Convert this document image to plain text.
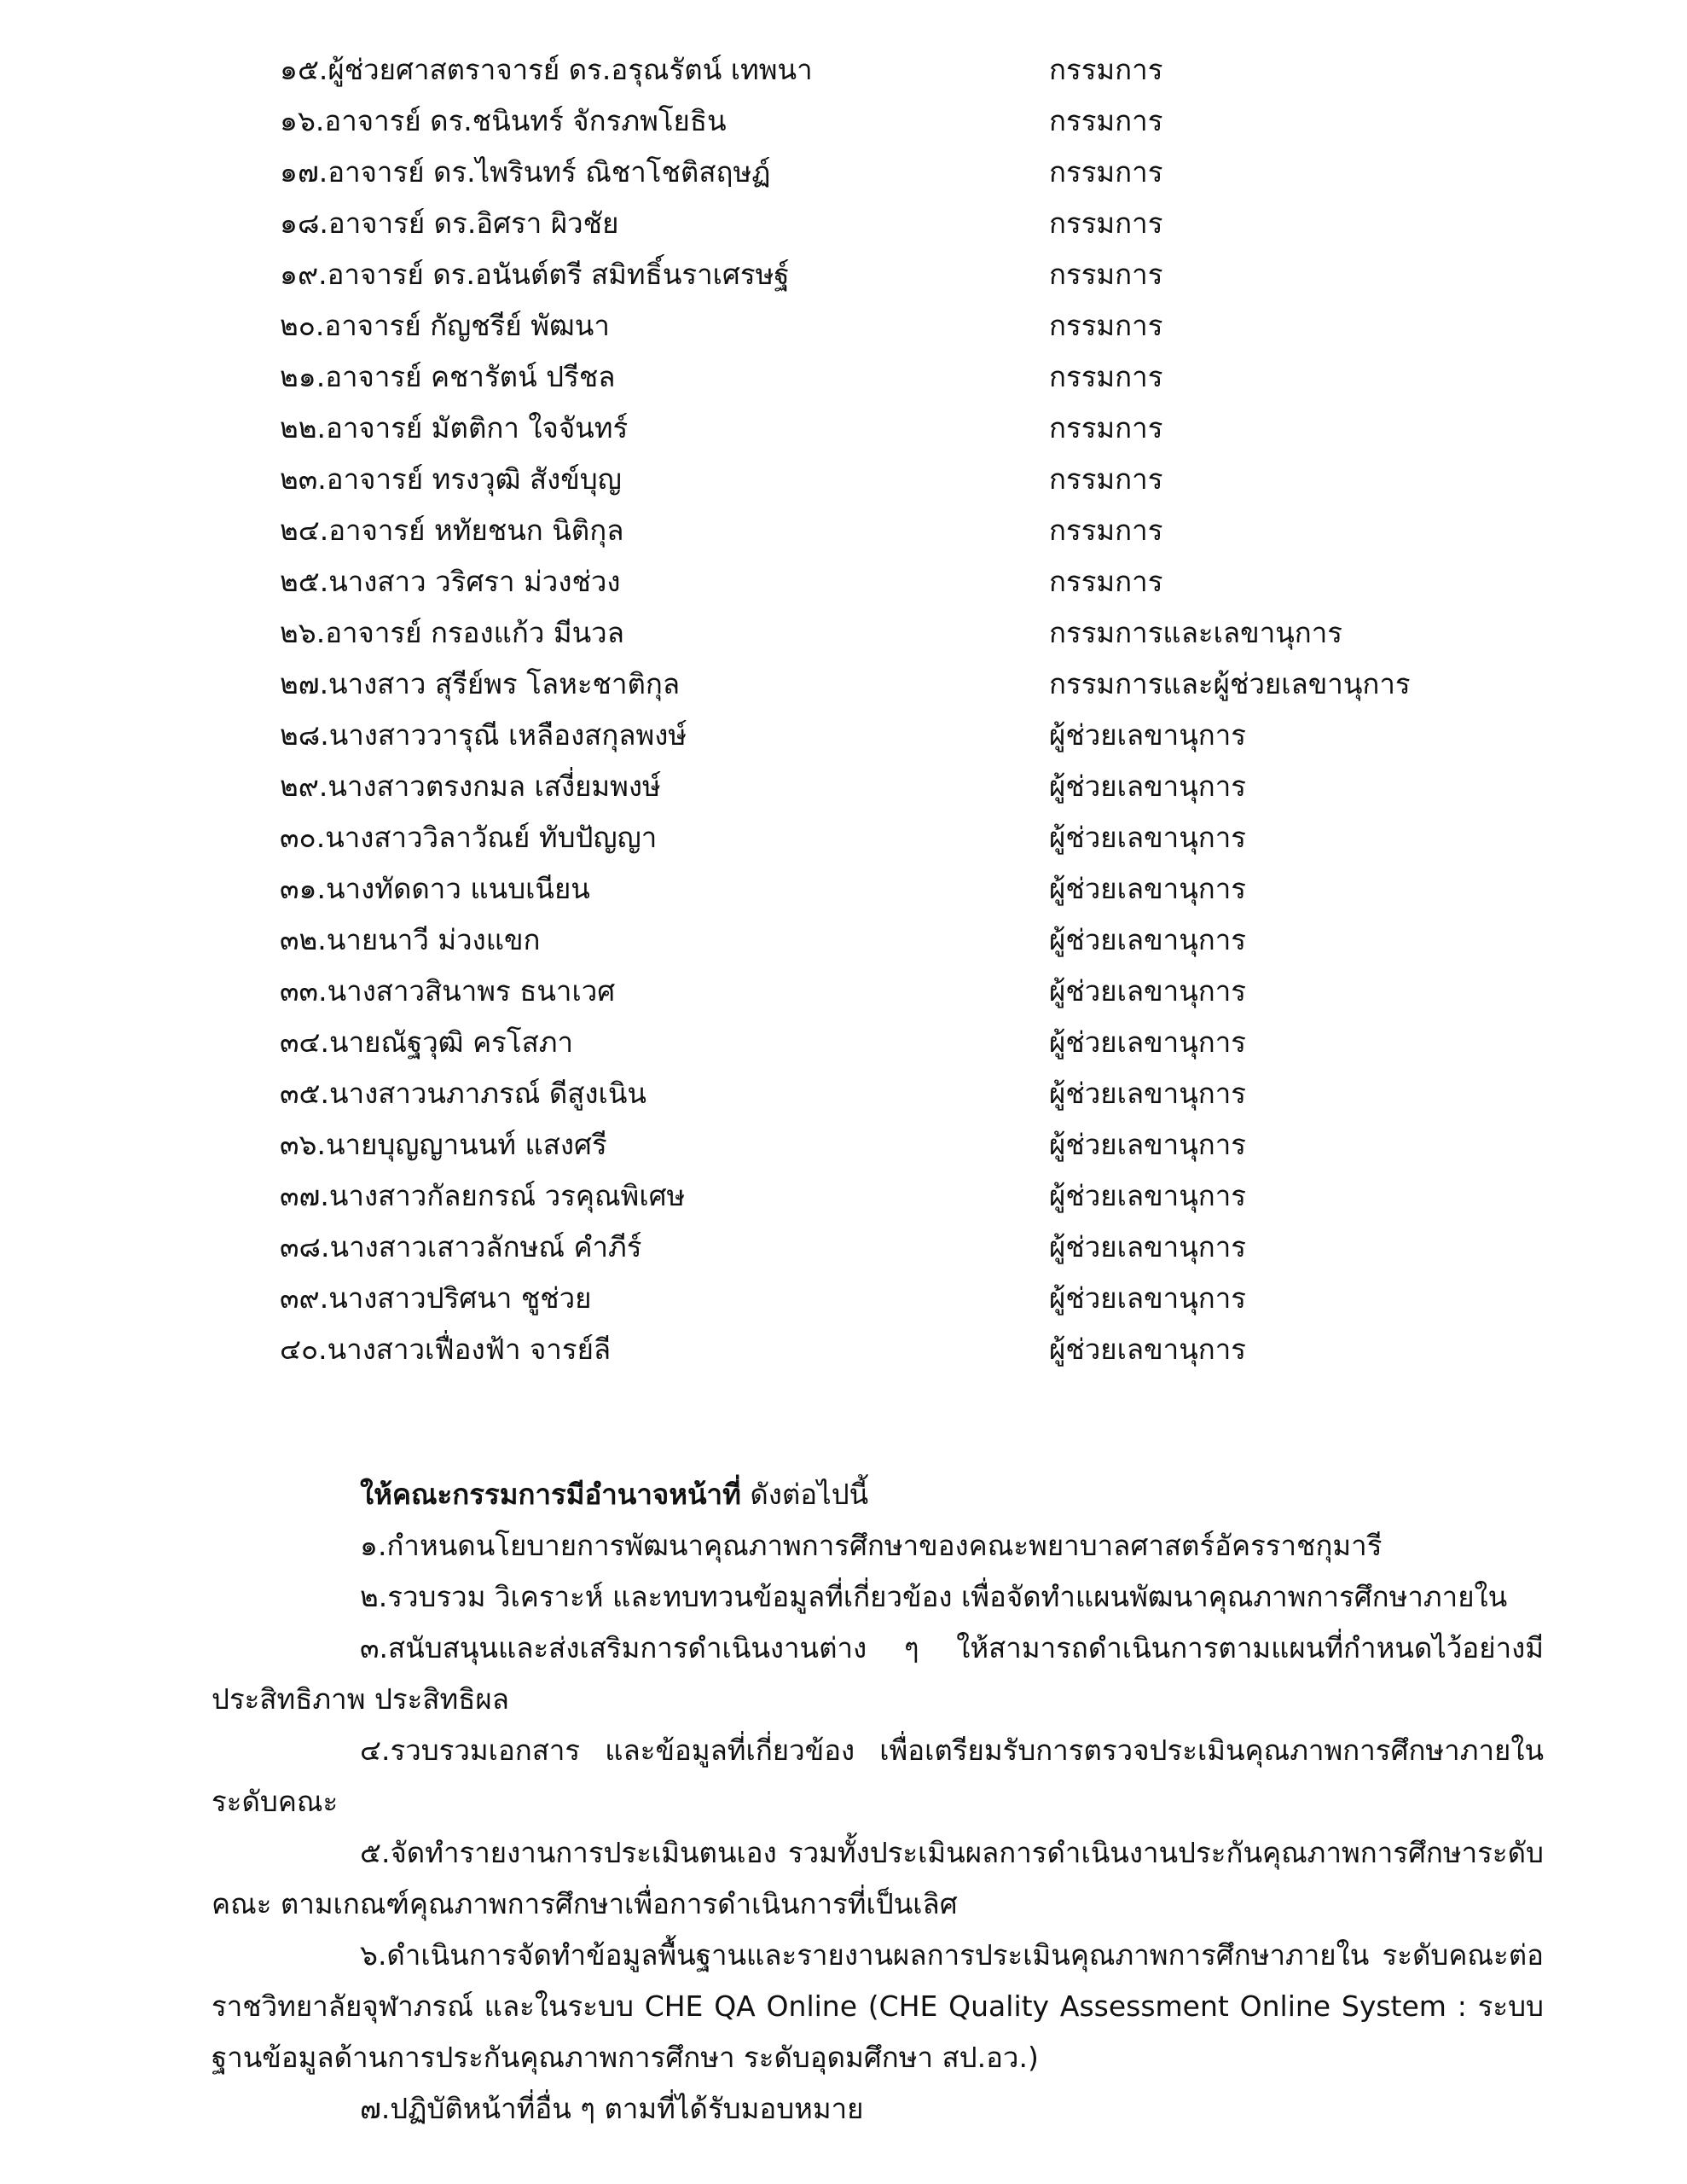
๑๕.ผู้ช่วยศาสตราจารย์ ดร.อรุณรัตน์ เทพนา	กรรมการ
๑๖.อาจารย์ ดร.ชนินทร์ จักรภพโยธิน	กรรมการ
๑๗.อาจารย์ ดร.ไพรินทร์ ณิชาโชติสฤษฏ์	กรรมการ
๑๘.อาจารย์ ดร.อิศรา ผิวชัย	กรรมการ
๑๙.อาจารย์ ดร.อนันต์ตรี สมิทธิ์นราเศรษฐ์	กรรมการ
๒๐.อาจารย์ กัญชรีย์ พัฒนา	กรรมการ
๒๑.อาจารย์ คชารัตน์ ปรีชล	กรรมการ
๒๒.อาจารย์ มัตติกา ใจจันทร์	กรรมการ
๒๓.อาจารย์ ทรงวุฒิ สังข์บุญ	กรรมการ
๒๔.อาจารย์ หทัยชนก นิติกุล	กรรมการ
๒๕.นางสาว วริศรา ม่วงช่วง	กรรมการ
๒๖.อาจารย์ กรองแก้ว มีนวล	กรรมการและเลขานุการ
๒๗.นางสาว สุรีย์พร โลหะชาติกุล	กรรมการและผู้ช่วยเลขานุการ
๒๘.นางสาววารุณี เหลืองสกุลพงษ์	ผู้ช่วยเลขานุการ
๒๙.นางสาวตรงกมล เสงี่ยมพงษ์	ผู้ช่วยเลขานุการ
๓๐.นางสาววิลาวัณย์ ทับปัญญา	ผู้ช่วยเลขานุการ
๓๑.นางทัดดาว แนบเนียน	ผู้ช่วยเลขานุการ
๓๒.นายนาวี ม่วงแขก	ผู้ช่วยเลขานุการ
๓๓.นางสาวสินาพร ธนาเวศ	ผู้ช่วยเลขานุการ
๓๔.นายณัฐวุฒิ ครโสภา	ผู้ช่วยเลขานุการ
๓๕.นางสาวนภาภรณ์ ดีสูงเนิน	ผู้ช่วยเลขานุการ
๓๖.นายบุญญานนท์ แสงศรี	ผู้ช่วยเลขานุการ
๓๗.นางสาวกัลยกรณ์ วรคุณพิเศษ	ผู้ช่วยเลขานุการ
๓๘.นางสาวเสาวลักษณ์ คำภีร์	ผู้ช่วยเลขานุการ
๓๙.นางสาวปริศนา ชูช่วย	ผู้ช่วยเลขานุการ
๔๐.นางสาวเฟื่องฟ้า จารย์ลี	ผู้ช่วยเลขานุการ
ให้คณะกรรมการมีอำนาจหน้าที่ ดังต่อไปนี้
๑.กำหนดนโยบายการพัฒนาคุณภาพการศึกษาของคณะพยาบาลศาสตร์อัครราชกุมารี
๒.รวบรวม วิเคราะห์ และทบทวนข้อมูลที่เกี่ยวข้อง เพื่อจัดทำแผนพัฒนาคุณภาพการศึกษาภายใน
๓.สนับสนุนและส่งเสริมการดำเนินงานต่าง ๆ ให้สามารถดำเนินการตามแผนที่กำหนดไว้อย่างมีประสิทธิภาพ ประสิทธิผล
๔.รวบรวมเอกสาร และข้อมูลที่เกี่ยวข้อง เพื่อเตรียมรับการตรวจประเมินคุณภาพการศึกษาภายในระดับคณะ
๕.จัดทำรายงานการประเมินตนเอง รวมทั้งประเมินผลการดำเนินงานประกันคุณภาพการศึกษาระดับคณะ ตามเกณฑ์คุณภาพการศึกษาเพื่อการดำเนินการที่เป็นเลิศ
๖.ดำเนินการจัดทำข้อมูลพื้นฐานและรายงานผลการประเมินคุณภาพการศึกษาภายใน ระดับคณะต่อราชวิทยาลัยจุฬาภรณ์ และในระบบ CHE QA Online (CHE Quality Assessment Online System : ระบบฐานข้อมูลด้านการประกันคุณภาพการศึกษา ระดับอุดมศึกษา สป.อว.)
๗.ปฏิบัติหน้าที่อื่น ๆ ตามที่ได้รับมอบหมาย
